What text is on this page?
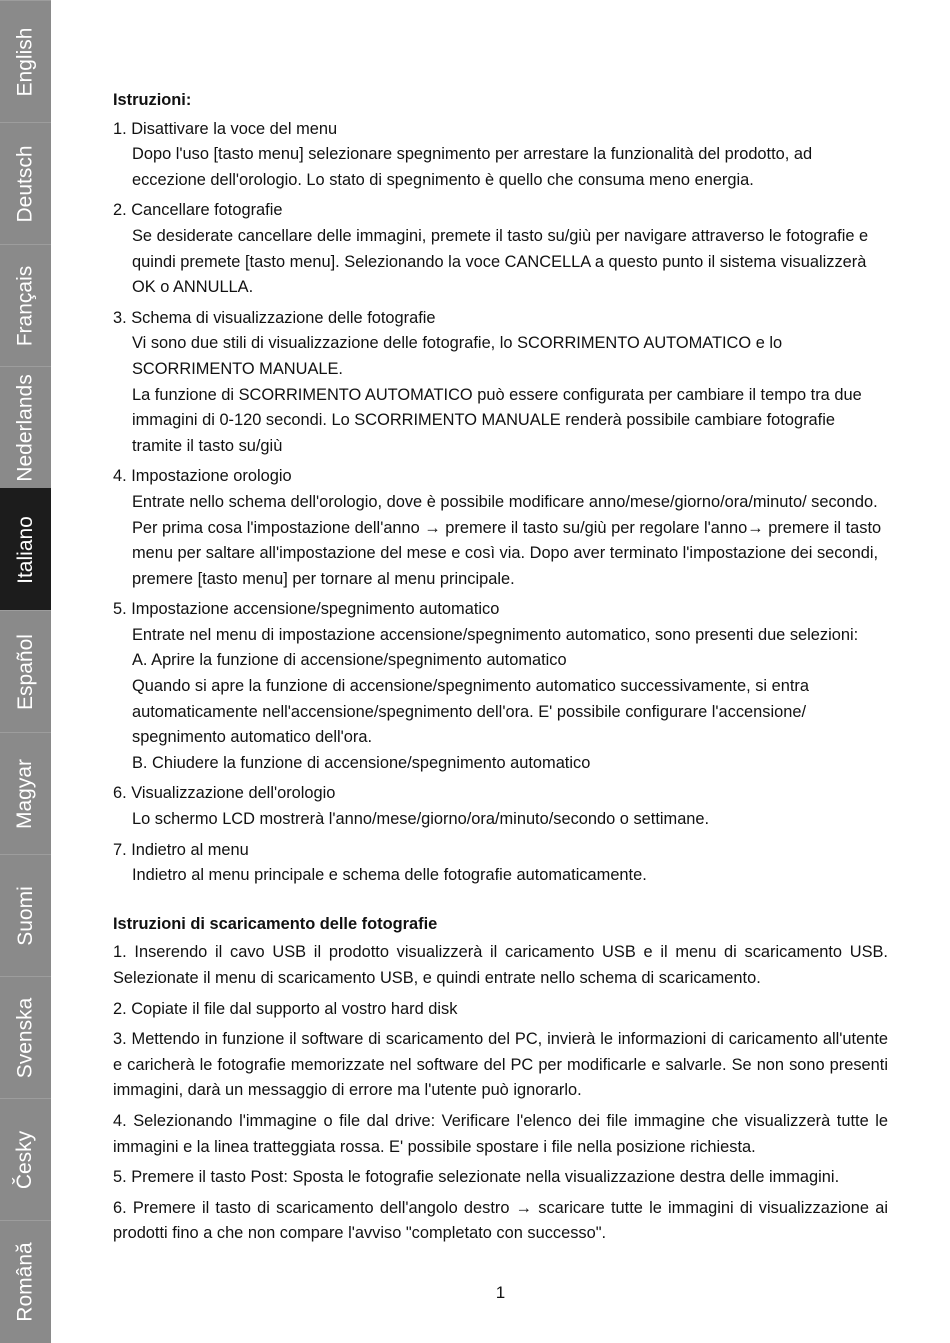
English
Deutsch
Français
Nederlands
Italiano
Español
Magyar
Suomi
Svenska
Česky
Română
Istruzioni:
1. Disattivare la voce del menu

Dopo l'uso [tasto menu] selezionare spegnimento per arrestare la funzionalità del prodotto, ad eccezione dell'orologio. Lo stato di spegnimento è quello che consuma meno energia.

2. Cancellare fotografie

Se desiderate cancellare delle immagini, premete il tasto su/giù per navigare attraverso le fotografie e quindi premete [tasto menu]. Selezionando la voce CANCELLA a questo punto il sistema visualizzerà OK o ANNULLA.

3. Schema di visualizzazione delle fotografie

Vi sono due stili di visualizzazione delle fotografie, lo SCORRIMENTO AUTOMATICO e lo SCORRIMENTO MANUALE.

La funzione di SCORRIMENTO AUTOMATICO può essere configurata per cambiare il tempo tra due immagini di 0-120 secondi. Lo SCORRIMENTO MANUALE renderà possibile cambiare fotografie tramite il tasto su/giù

4. Impostazione orologio

Entrate nello schema dell'orologio, dove è possibile modificare anno/mese/giorno/ora/minuto/ secondo. Per prima cosa l'impostazione dell'anno → premere il tasto su/giù per regolare l'anno→ premere il tasto menu per saltare all'impostazione del mese e così via. Dopo aver terminato l'impostazione dei secondi, premere [tasto menu] per tornare al menu principale.

5. Impostazione accensione/spegnimento automatico

Entrate nel menu di impostazione accensione/spegnimento automatico, sono presenti due selezioni:

A. Aprire la funzione di accensione/spegnimento automatico

Quando si apre la funzione di accensione/spegnimento automatico successivamente, si entra automaticamente nell'accensione/spegnimento dell'ora. E' possibile configurare l'accensione/ spegnimento automatico dell'ora.

B. Chiudere la funzione di accensione/spegnimento automatico

6. Visualizzazione dell'orologio

Lo schermo LCD mostrerà l'anno/mese/giorno/ora/minuto/secondo o settimane.

7. Indietro al menu

Indietro al menu principale e schema delle fotografie automaticamente.

Istruzioni di scaricamento delle fotografie
1. Inserendo il cavo USB il prodotto visualizzerà il caricamento USB e il menu di scaricamento USB. Selezionate il menu di scaricamento USB, e quindi entrate nello schema di scaricamento.
2. Copiate il file dal supporto al vostro hard disk
3. Mettendo in funzione il software di scaricamento del PC, invierà le informazioni di caricamento all'utente e caricherà le fotografie memorizzate nel software del PC per modificarle e salvarle. Se non sono presenti immagini, darà un messaggio di errore ma l'utente può ignorarlo.
4. Selezionando l'immagine o file dal drive: Verificare l'elenco dei file immagine che visualizzerà tutte le immagini e la linea tratteggiata rossa. E' possibile spostare i file nella posizione richiesta.
5. Premere il tasto Post: Sposta le fotografie selezionate nella visualizzazione destra delle immagini.
6. Premere il tasto di scaricamento dell'angolo destro → scaricare tutte le immagini di visualizzazione ai prodotti fino a che non compare l'avviso "completato con successo".
1
